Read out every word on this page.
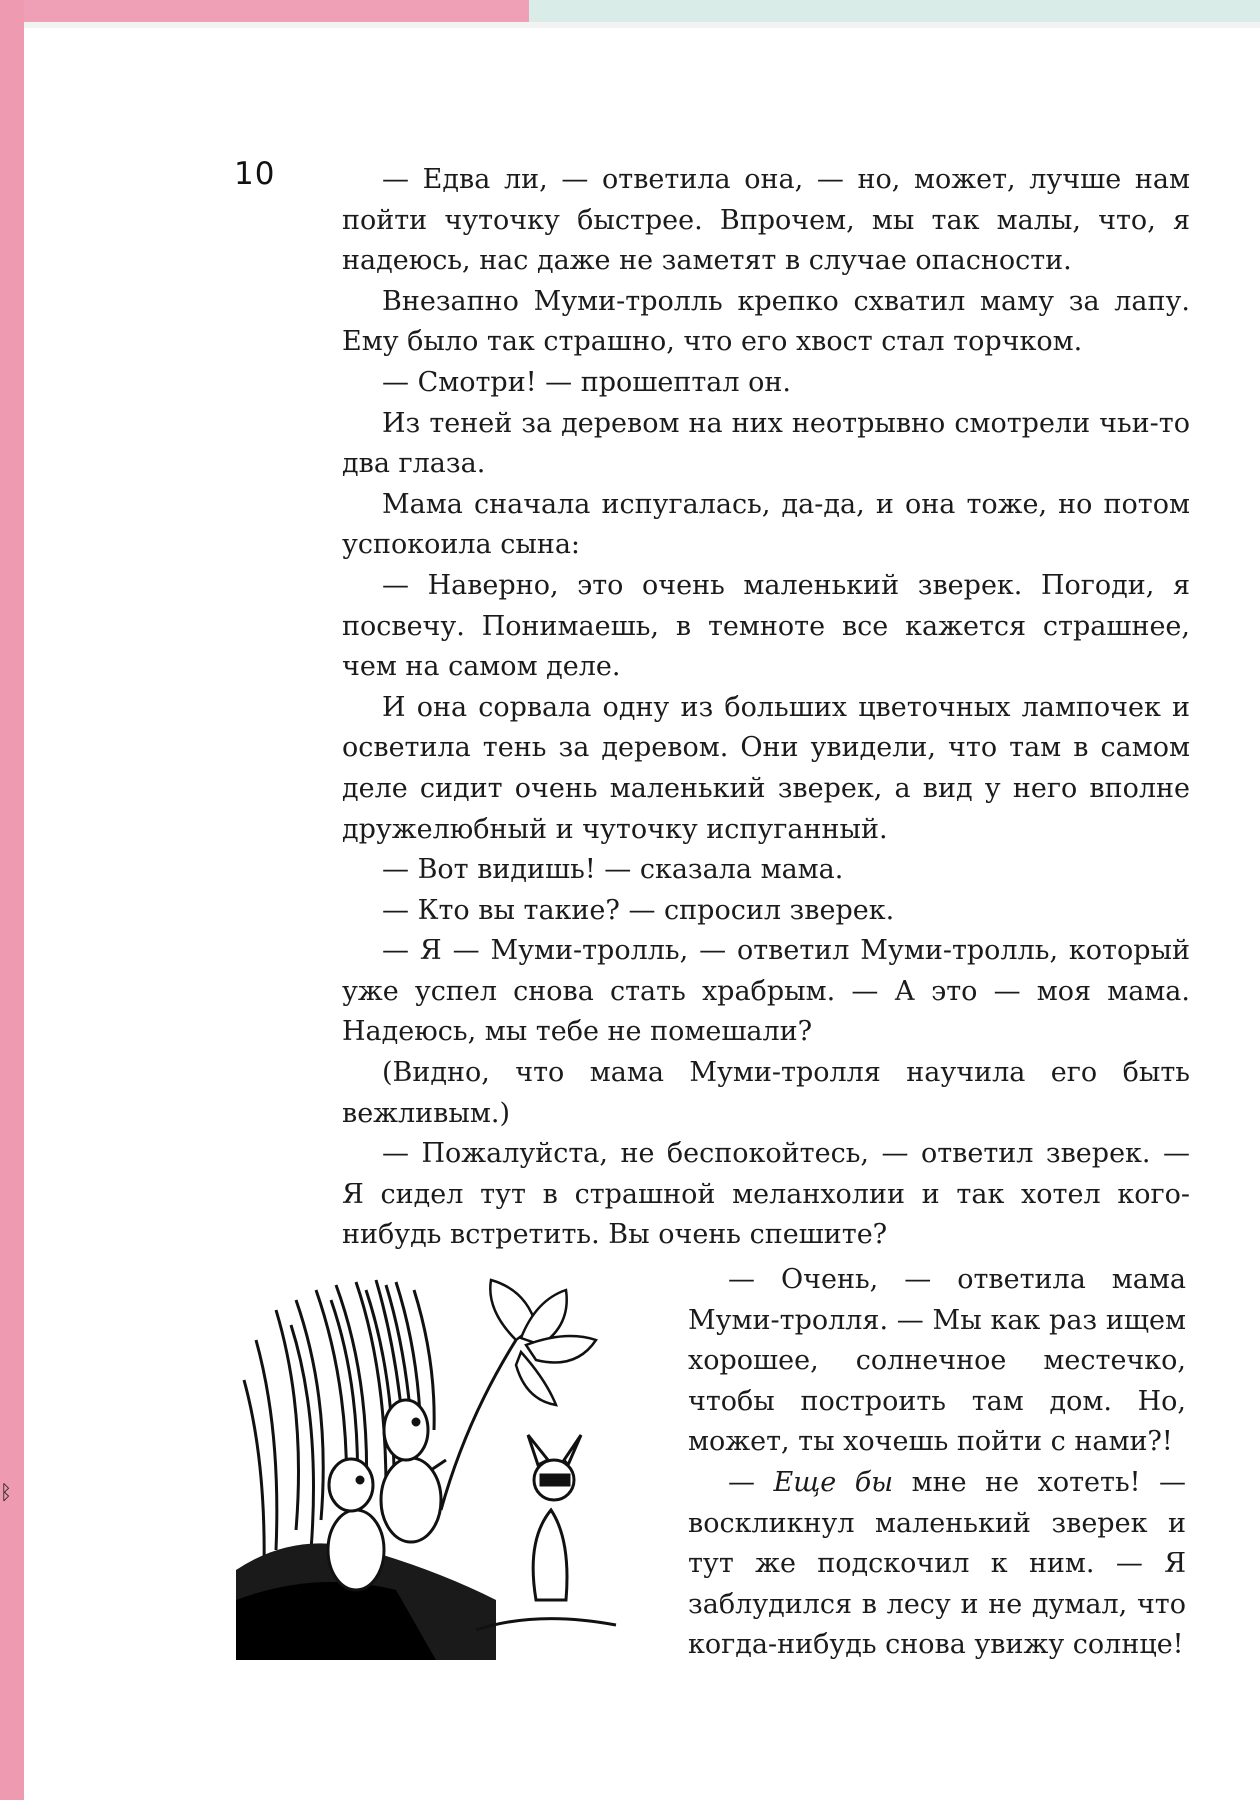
10	— Едва ли, — ответила она, — но, может, лучше нам пойти чуточку быстрее. Впрочем, мы так малы, что, я надеюсь, нас даже не заметят в случае опасности.

Внезапно Муми-тролль крепко схватил маму за лапу. Ему было так страшно, что его хвост стал торчком.

— Смотри! — прошептал он.

Из теней за деревом на них неотрывно смотрели чьи-то два глаза.

Мама сначала испугалась, да-да, и она тоже, но потом успокоила сына:

— Наверно, это очень маленький зверек. Погоди, я посвечу. Понимаешь, в темноте все кажется страшнее, чем на самом деле.

И она сорвала одну из больших цветочных лампочек и осветила тень за деревом. Они увидели, что там в самом деле сидит очень маленький зверек, а вид у него вполне дружелюбный и чуточку испуганный.

— Вот видишь! — сказала мама.

— Кто вы такие? — спросил зверек.

— Я — Муми-тролль, — ответил Муми-тролль, который уже успел снова стать храбрым. — А это — моя мама. Надеюсь, мы тебе не помешали?

(Видно, что мама Муми-тролля научила его быть вежливым.)

— Пожалуйста, не беспокойтесь, — ответил зверек. — Я сидел тут в страшной меланхолии и так хотел кого-нибудь встретить. Вы очень спешите?

— Очень, — ответила мама Муми-тролля. — Мы как раз ищем хорошее, солнечное местечко, чтобы построить там дом. Но, может, ты хочешь пойти с нами?!

— Еще бы мне не хотеть! — воскликнул маленький зверек и тут же подскочил к ним. — Я заблудился в лесу и не думал, что когда-нибудь снова увижу солнце!

ᛒ
